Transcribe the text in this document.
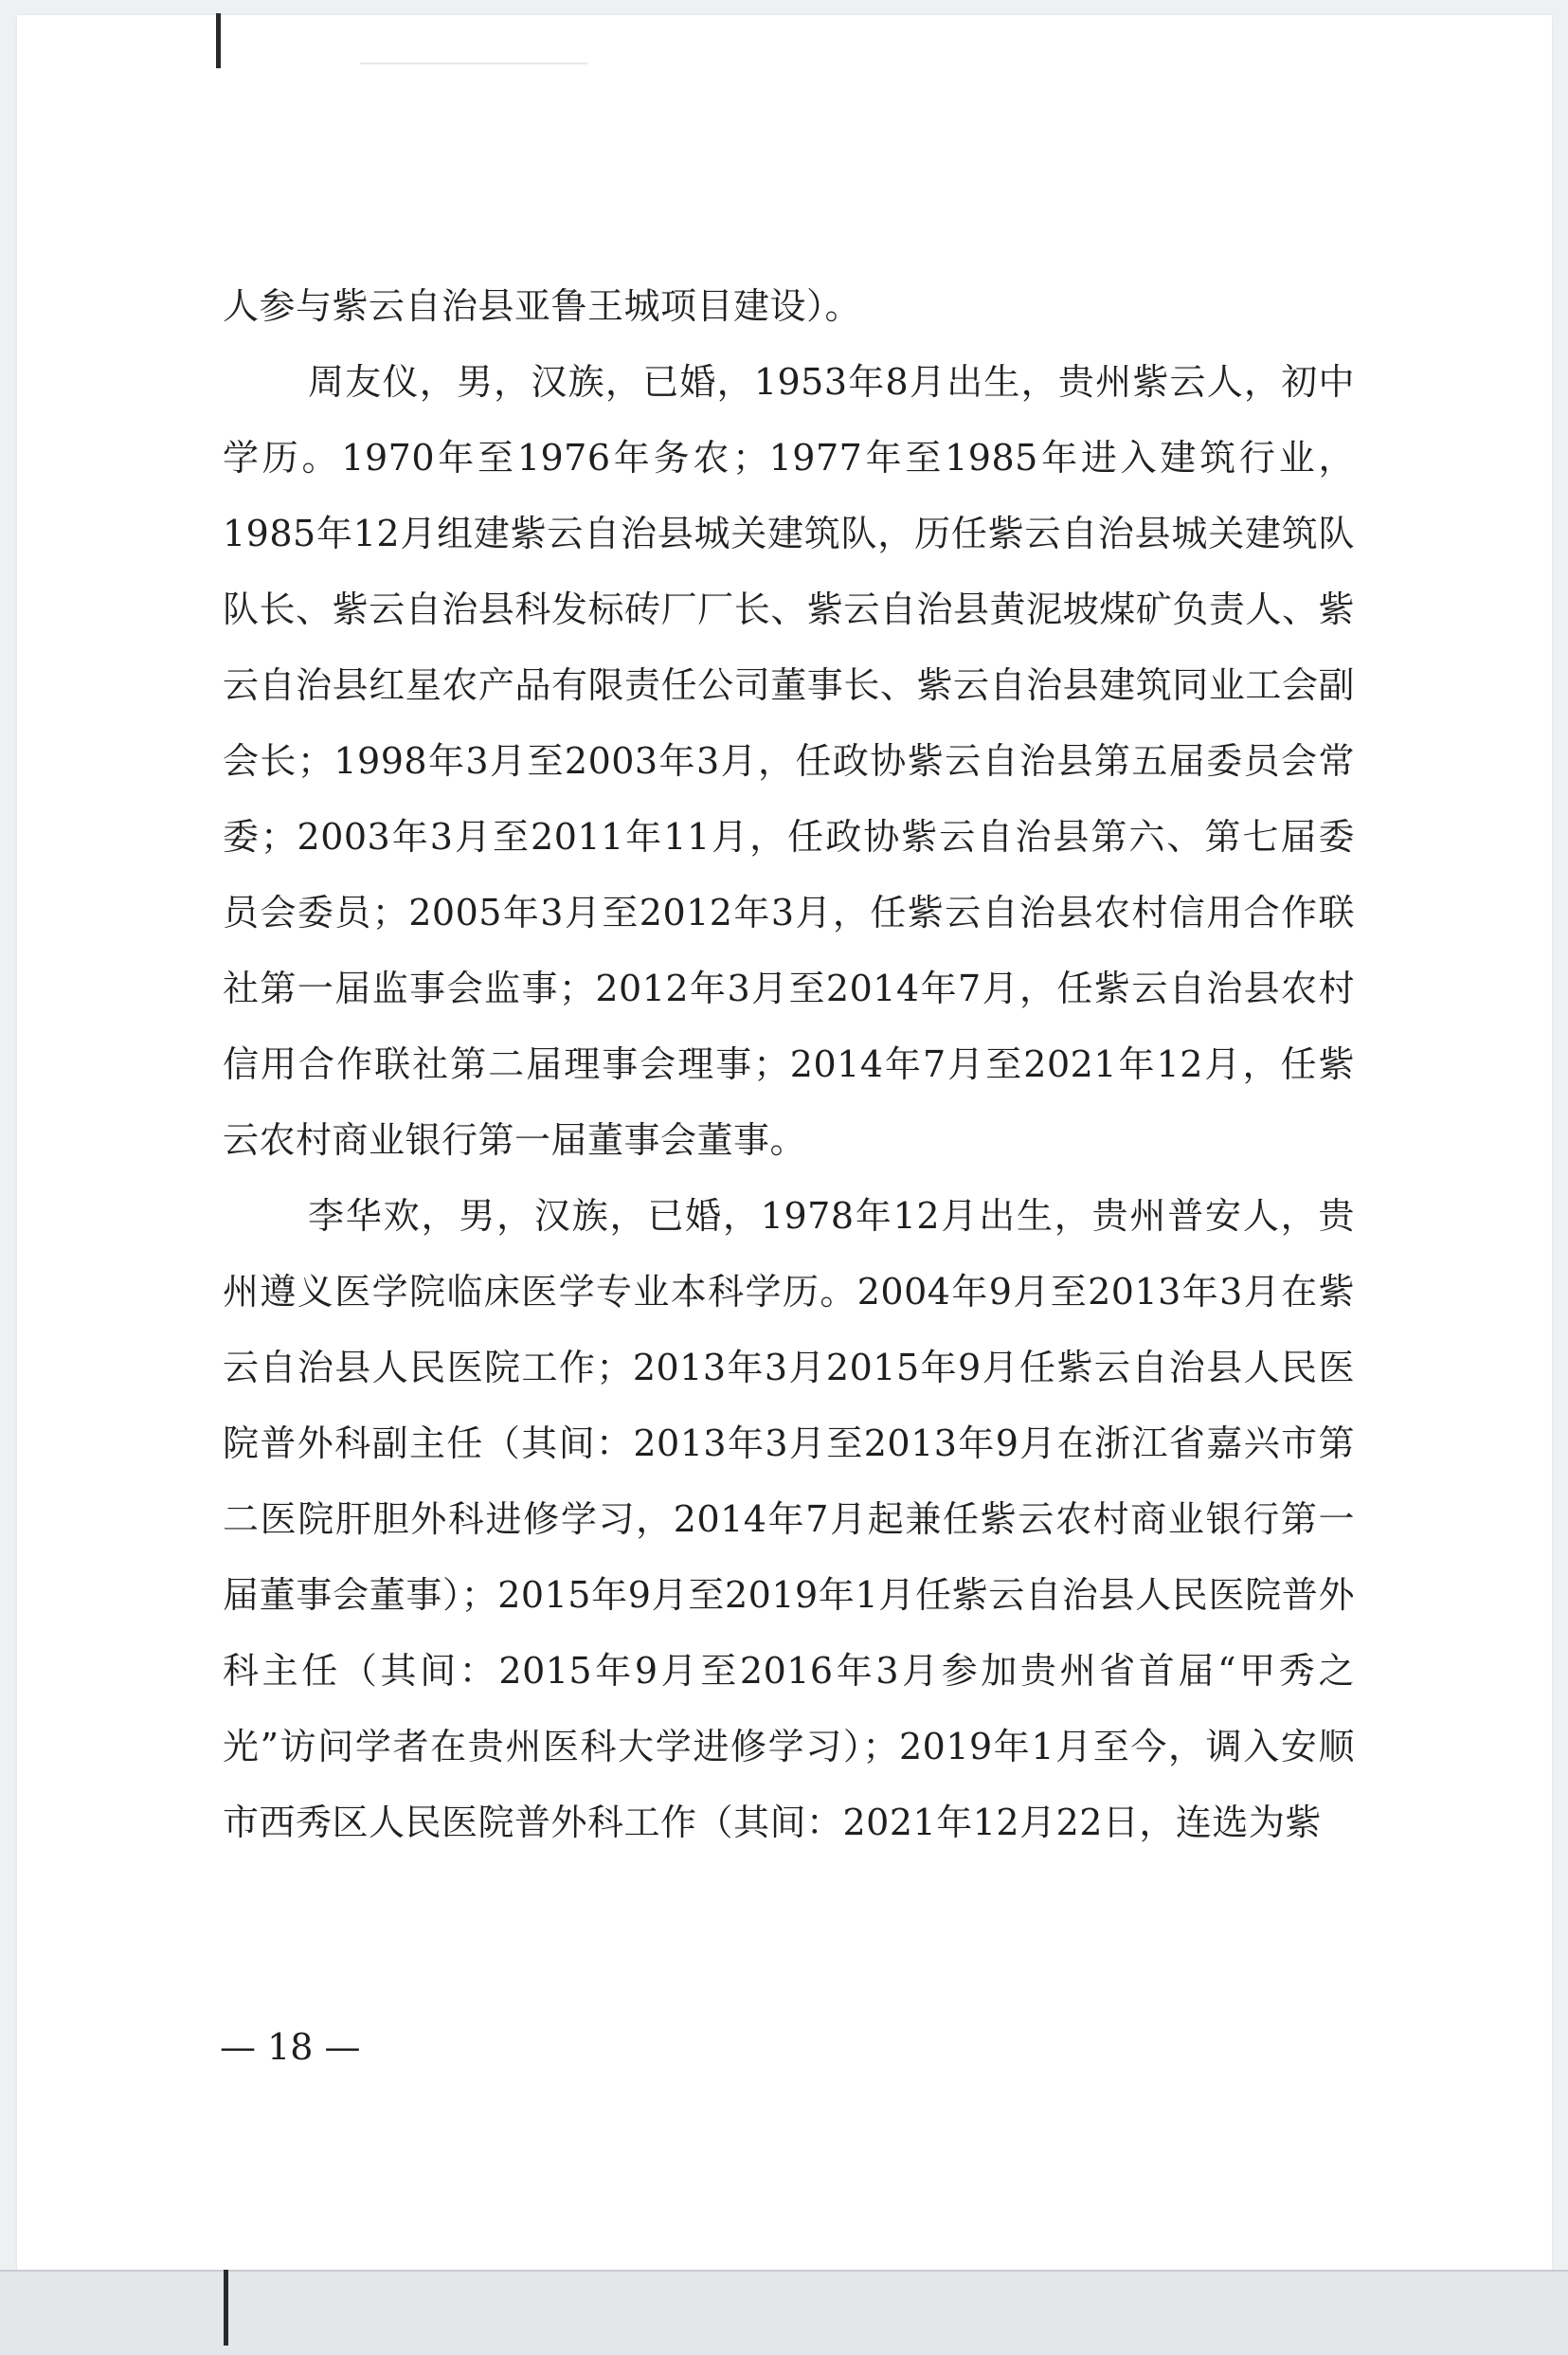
人参与紫云自治县亚鲁王城项目建设）。

周友仪，男，汉族，已婚，1953年8月出生，贵州紫云人，初中学历。1970年至1976年务农；1977年至1985年进入建筑行业，1985年12月组建紫云自治县城关建筑队，历任紫云自治县城关建筑队队长、紫云自治县科发标砖厂厂长、紫云自治县黄泥坡煤矿负责人、紫云自治县红星农产品有限责任公司董事长、紫云自治县建筑同业工会副会长；1998年3月至2003年3月，任政协紫云自治县第五届委员会常委；2003年3月至2011年11月，任政协紫云自治县第六、第七届委员会委员；2005年3月至2012年3月，任紫云自治县农村信用合作联社第一届监事会监事；2012年3月至2014年7月，任紫云自治县农村信用合作联社第二届理事会理事；2014年7月至2021年12月，任紫云农村商业银行第一届董事会董事。

李华欢，男，汉族，已婚，1978年12月出生，贵州普安人，贵州遵义医学院临床医学专业本科学历。2004年9月至2013年3月在紫云自治县人民医院工作；2013年3月2015年9月任紫云自治县人民医院普外科副主任（其间：2013年3月至2013年9月在浙江省嘉兴市第二医院肝胆外科进修学习，2014年7月起兼任紫云农村商业银行第一届董事会董事）；2015年9月至2019年1月任紫云自治县人民医院普外科主任（其间：2015年9月至2016年3月参加贵州省首届“甲秀之光”访问学者在贵州医科大学进修学习）；2019年1月至今，调入安顺市西秀区人民医院普外科工作（其间：2021年12月22日，连选为紫

— 18 —
